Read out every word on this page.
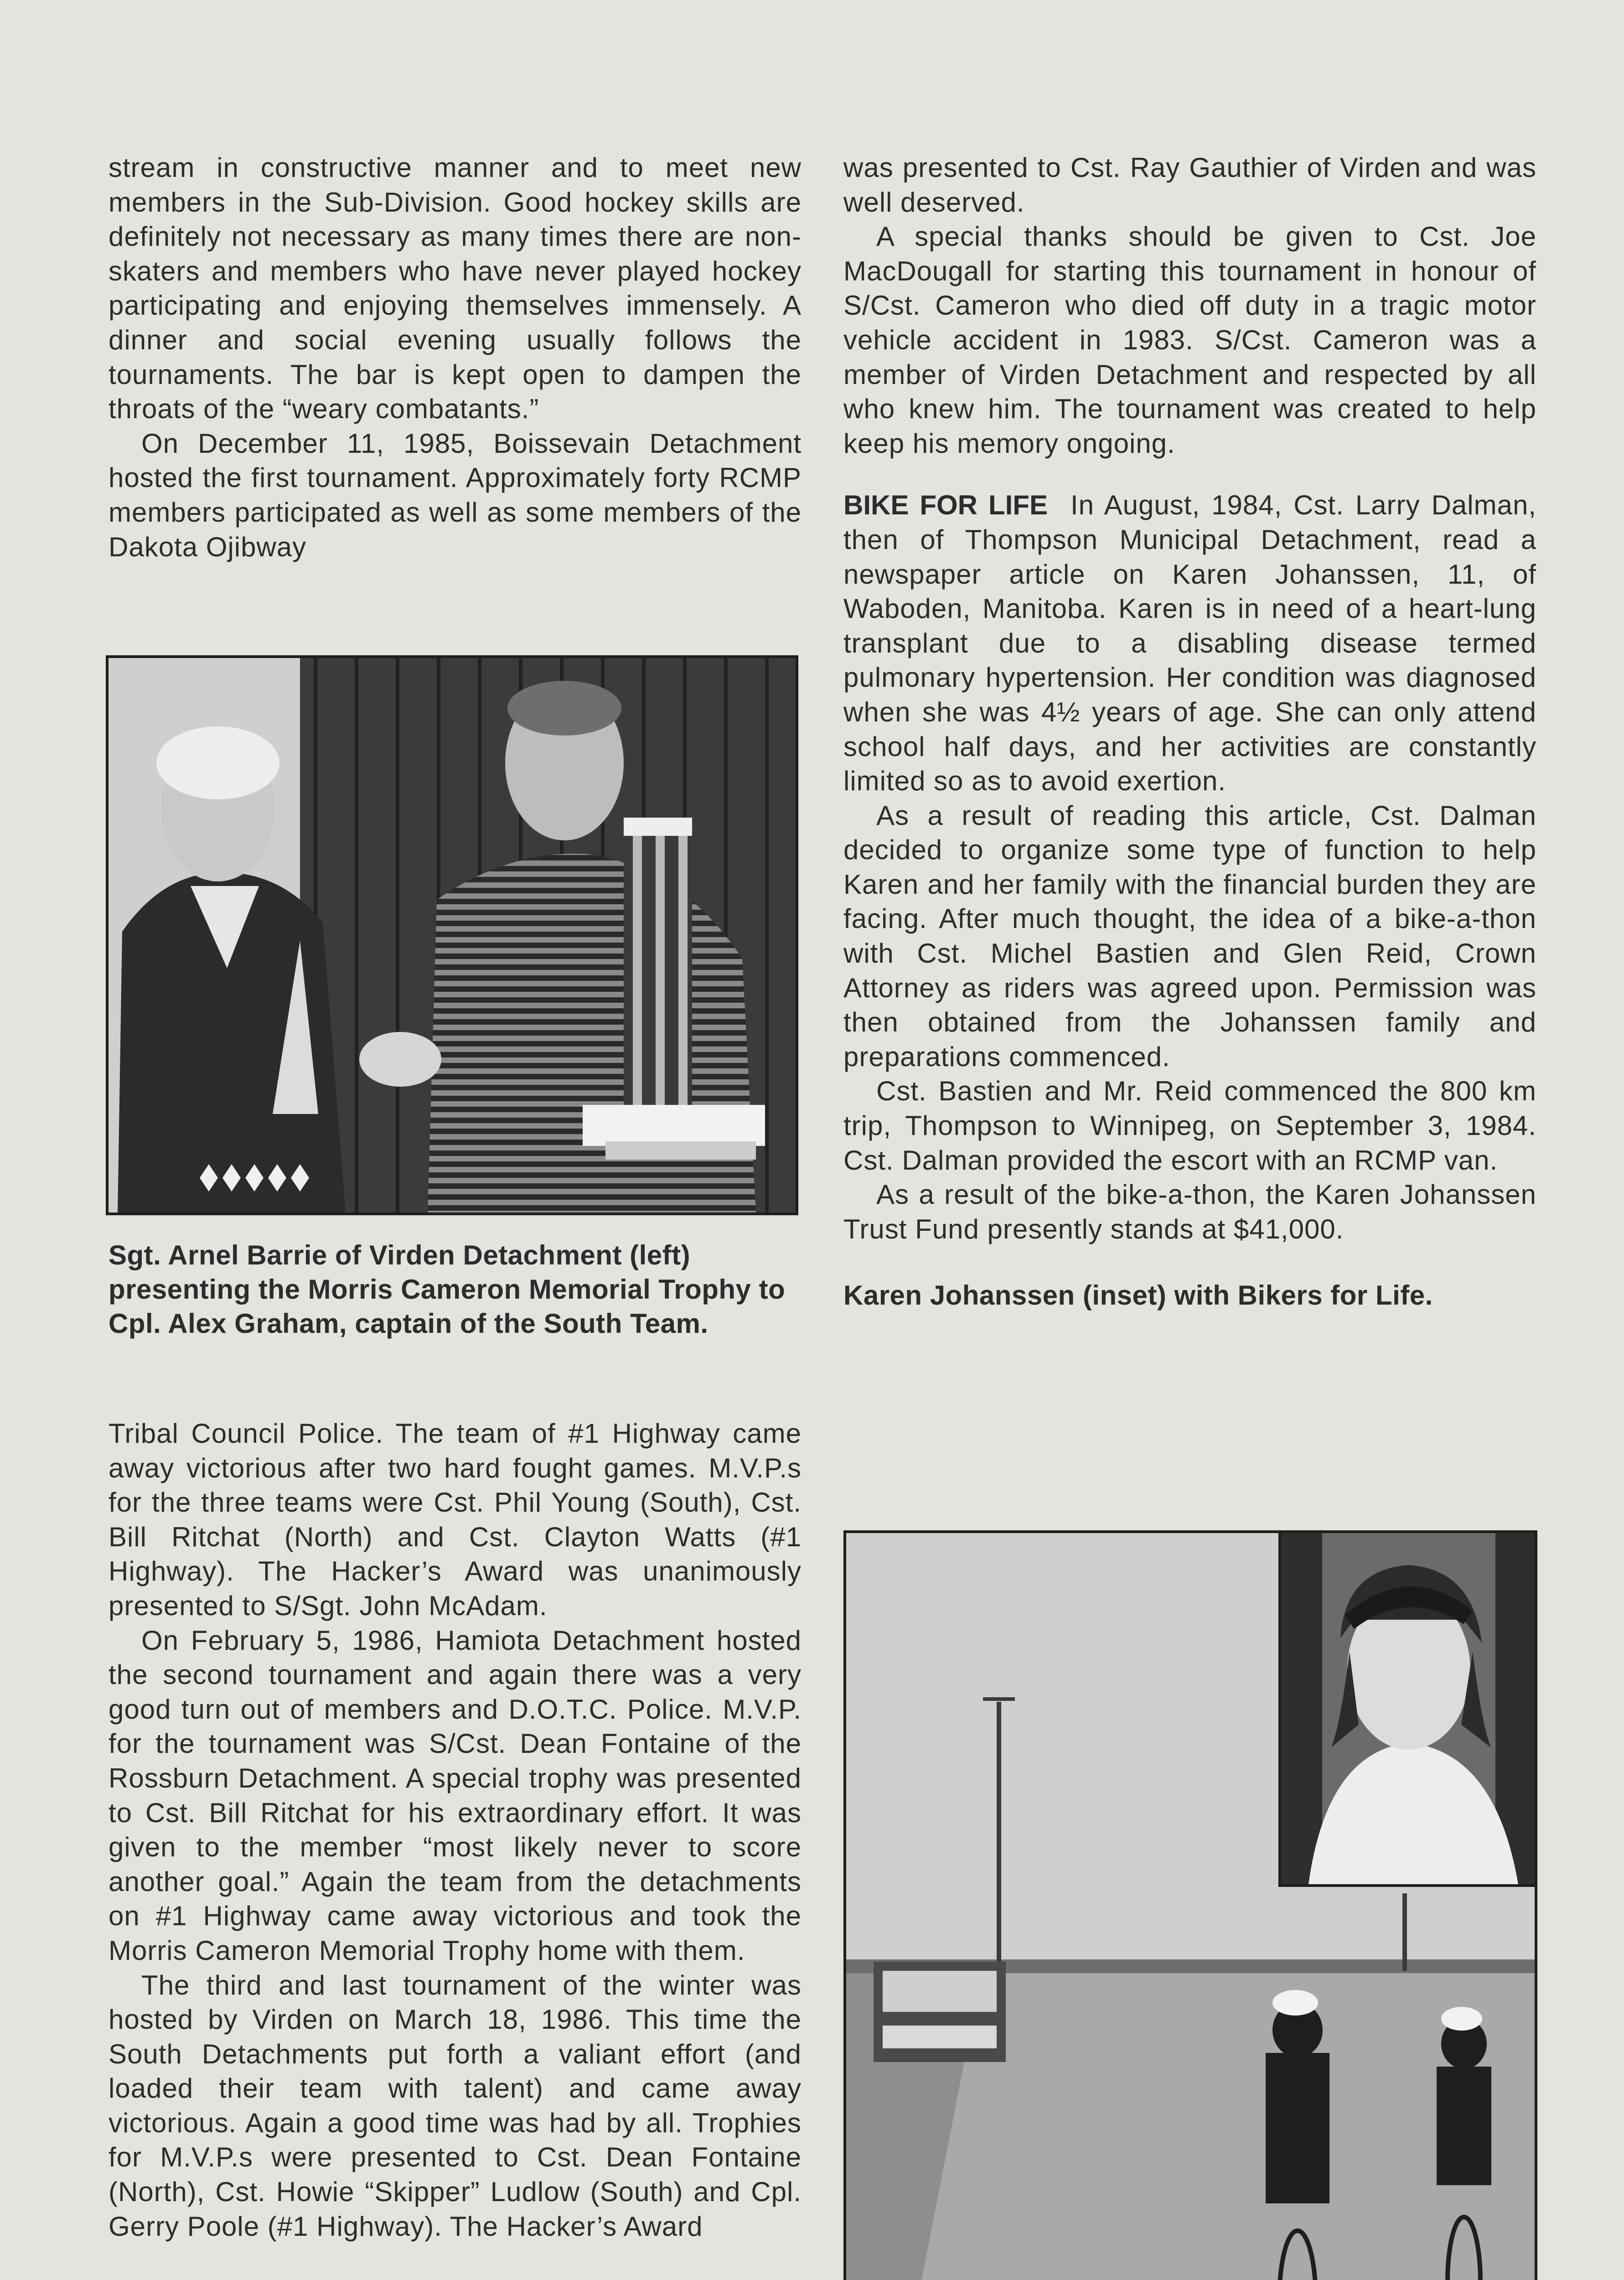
stream in constructive manner and to meet new members in the Sub-Division. Good hockey skills are definitely not necessary as many times there are non-skaters and members who have never played hockey participating and enjoying themselves immensely. A dinner and social evening usually follows the tournaments. The bar is kept open to dampen the throats of the “weary combatants.”

On December 11, 1985, Boissevain Detachment hosted the first tournament. Approximately forty RCMP members participated as well as some members of the Dakota Ojibway

Sgt. Arnel Barrie of Virden Detachment (left) presenting the Morris Cameron Memorial Trophy to Cpl. Alex Graham, captain of the South Team.

Tribal Council Police. The team of #1 Highway came away victorious after two hard fought games. M.V.P.s for the three teams were Cst. Phil Young (South), Cst. Bill Ritchat (North) and Cst. Clayton Watts (#1 Highway). The Hacker’s Award was unanimously presented to S/Sgt. John McAdam.

On February 5, 1986, Hamiota Detachment hosted the second tournament and again there was a very good turn out of members and D.O.T.C. Police. M.V.P. for the tournament was S/Cst. Dean Fontaine of the Rossburn Detachment. A special trophy was presented to Cst. Bill Ritchat for his extraordinary effort. It was given to the member “most likely never to score another goal.” Again the team from the detachments on #1 Highway came away victorious and took the Morris Cameron Memorial Trophy home with them.

The third and last tournament of the winter was hosted by Virden on March 18, 1986. This time the South Detachments put forth a valiant effort (and loaded their team with talent) and came away victorious. Again a good time was had by all. Trophies for M.V.P.s were presented to Cst. Dean Fontaine (North), Cst. Howie “Skipper” Ludlow (South) and Cpl. Gerry Poole (#1 Highway). The Hacker’s Award

was presented to Cst. Ray Gauthier of Virden and was well deserved.

A special thanks should be given to Cst. Joe MacDougall for starting this tournament in honour of S/Cst. Cameron who died off duty in a tragic motor vehicle accident in 1983. S/Cst. Cameron was a member of Virden Detachment and respected by all who knew him. The tournament was created to help keep his memory ongoing.

BIKE FOR LIFE In August, 1984, Cst. Larry Dalman, then of Thompson Municipal Detachment, read a newspaper article on Karen Johanssen, 11, of Waboden, Manitoba. Karen is in need of a heart-lung transplant due to a disabling disease termed pulmonary hypertension. Her condition was diagnosed when she was 4½ years of age. She can only attend school half days, and her activities are constantly limited so as to avoid exertion.

As a result of reading this article, Cst. Dalman decided to organize some type of function to help Karen and her family with the financial burden they are facing. After much thought, the idea of a bike-a-thon with Cst. Michel Bastien and Glen Reid, Crown Attorney as riders was agreed upon. Permission was then obtained from the Johanssen family and preparations commenced.

Cst. Bastien and Mr. Reid commenced the 800 km trip, Thompson to Winnipeg, on September 3, 1984. Cst. Dalman provided the escort with an RCMP van.

As a result of the bike-a-thon, the Karen Johanssen Trust Fund presently stands at $41,000.

Karen Johanssen (inset) with Bikers for Life.
